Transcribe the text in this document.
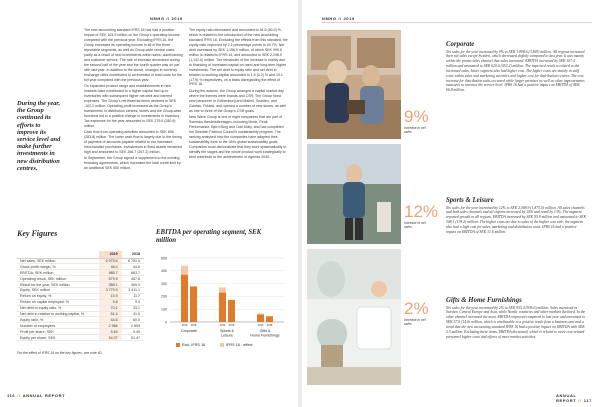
NMHG // 2019
During the year, the Group continued its efforts to improve its service level and make further investments in new distribution centres.

The new accounting standard IFRS 16 has had a positive impact of SEK 103.9 million on the Group's operating income compared with the previous year. Excluding IFRS 16, the Group increased its operating income in all of the three reportable segments, as well as Group-wide central costs, partly as a result of new investments within sales, warehousing and customer service. The rate of increase decreased during the second half of the year and the fourth quarter was on par with last year. In addition to the above, changes in currency exchange rates contributed to an increase in total costs for the full year compared with the previous year.

On expanded product range and establishments in new markets have contributed to a higher capital tied up in inventories with subsequent higher net debt and interest expenses. The Group's net financial items declined to SEK -102.2 million. Operating profit increased as the Group's investments in distribution centres, stores and the Group-wide functions led to a positive change in investments in inventory. Tax expenses for the year amounted to SEK 279.0 (280.9) million.

Cash flow from operating activities amounted to SEK 696 (283.8) million. The lower cash flow is largely due to the timing of payment of accounts payable related to our increased merchandise purchases. Investments in fixed assets remained high and amounted to SEK 266.7 (267.2) million.

In September, the Group signed a supplement to the existing financing agreements, which increased the total credit limit by an additional SEK 500 million.

The equity ratio decreased and amounted to 44.6 (60.0) %, which is related to the introduction of the new accounting standard IFRS 16. Excluding the effects from this standard, the equity ratio improved by 2.1 percentage points to 49.7%. Net debt increased by SEK 1,156.9 million, of which SEK 999.8 million is related to IFRS 16, and amounted to SEK 2,298.9 (1,142.0) million. The remainder of the increase is mainly due to financing of increased capital on hand and long-term higher investments. The net debt to equity ratio and net debt in relation to working capital amounted to 1.9 (0.2) % and 19.1 (17.9) % respectively, on a basis disregarding the effect of IFRS 16.

During the autumn, the Group arranged a capital market day where the themes were brands and CSR. The Group hired new personnel in Gothenburg and Malmö, Sweden, and Gdańsk, Poland, and opened a number of new stores, as well as one to three of the Group's CSR goals.

New Wave Group is one of eight companies that are part of Svenska Handelsföretagen, including Mode, Peak Performance, Björn Borg and Odd Molly, and has completed the Swedish Fashion Council's sustainability program. The ranking analysed how the companies have adapted their sustainability work to the UN's global sustainability goals. Companies must demonstrate that they work systematically to identify the stages and the whole product work strategically to best contribute to the achievement of Agenda 2030.

Key Figures
	2019	2018
Net sales, SEK million	6 975.6	6 751.5
Gross profit margin, %	46.4	44.6
EBITDA, SEK million	985.7	663.7
Operating result, SEK million	579.9	467.8
Result for the year, SEK million	388.1	369.3
Equity, SEK million	3 779.9	3 411.1
Return on equity, %	10.9	11.7
Return on capital employed, %	9.8	9.4
Net debt to equity ratio, %	70.1	33.1
Net debt in relation to working capital, %	51.4	41.5
Equity ratio, %	44.6	60.0
Number of employees	2 966	2 893
Profit per share, SEK	5.64	5.49
Equity per share, SEK	54.07	51.47
For the effect of IFRS 16 on the key figures, see note 40.
EBITDA per operating segment, SEK million
0
100
200
300
400
500
2019 2018
Corporate
2019 2018
Sports &
Leisure
2019 2018
Gifts &
Home Furnishings
Excl. IFRS 16	IFRS 16 - effect
116 // ANNUAL REPORT
NMHG // 2019
ANNUAL REPORT // 117
9%
Increase in net sales
12%
Increase in net sales
2%
Increase in net sales
Corporate

Net sales for the year increased by 9% to SEK 3,898.6 (3,569) million. All regions increased their net sales except Sweden, which decreased slightly compared to last year. It was mainly within the promo sales channel that sales increased. EBITDA increased by SEK 167.4 million and amounted to SEK 620.6 (453.2) million. The improved result is related to the increased sales, better segment also had higher cost. The higher costs are mainly in staff costs within sales and marketing activities and higher cost for distribution centres. The cost increase for distribution units occurred while larger premises as well as other improvements measures to increase the service level. IFRS 16 had a positive impact on EBITDA of SEK 66.8 million.

Sports & Leisure

Net sales for the year increased by 12% to SEK 2,098.9 (1,875.5) million. All sales channels and both sales channels and all regions increased by 10% and retail by 13%. The segment reported growth in all regions. EBITDA increased by SEK 95.9 million and amounted to SEK 308.1 (195.2) million. The higher costs are due to sales of the higher cost side, the segment also had a high cost for sales, marketing and distribution units. IFRS 16 had a positive impact on EBITDA of SEK 31.6 million.

Gifts & Home Furnishings

Net sales for the year increased by 2% to SEK 955.4 (936.6) million. Sales increased in Sweden, Central Europe and Asia, while Nordic countries and other markets declined. In the other channel increased the most. EBITDA improved compared to last year and amounted to SEK 57.0 (14.6) million, which is attributable to a positive result from a business unit and a trend that the new accounting standard IFRS 16 had a positive impact on EBITDA with SEK 5.5 million. Excluding these items, EBITDA decreased, which is related to more cost-related personnel higher costs and efforts of more market activities.
